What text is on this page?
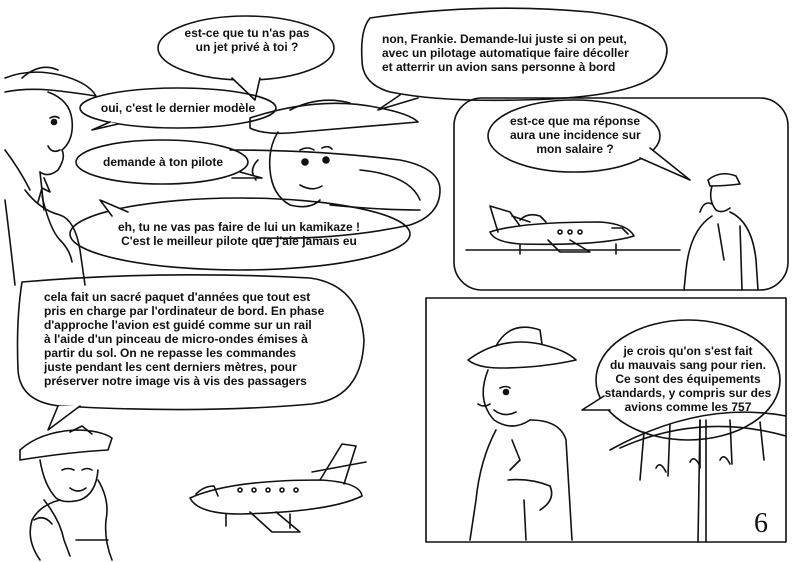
est-ce que tu n'as pas
un jet privé à toi ?
oui, c'est le dernier modèle
demande à ton pilote
non, Frankie. Demande-lui juste si on peut,
avec un pilotage automatique faire décoller
et atterrir un avion sans personne à bord
eh, tu ne vas pas faire de lui un kamikaze !
C'est le meilleur pilote que j'aie jamais eu
est-ce que ma réponse
aura une incidence sur
mon salaire ?
cela fait un sacré paquet d'années que tout est
pris en charge par l'ordinateur de bord. En phase
d'approche l'avion est guidé comme sur un rail
à l'aide d'un pinceau de micro-ondes émises à
partir du sol. On ne repasse les commandes
juste pendant les cent derniers mètres, pour
préserver notre image vis à vis des passagers
je crois qu'on s'est fait
du mauvais sang pour rien.
Ce sont des équipements
standards, y compris sur des
avions comme les 757
6
